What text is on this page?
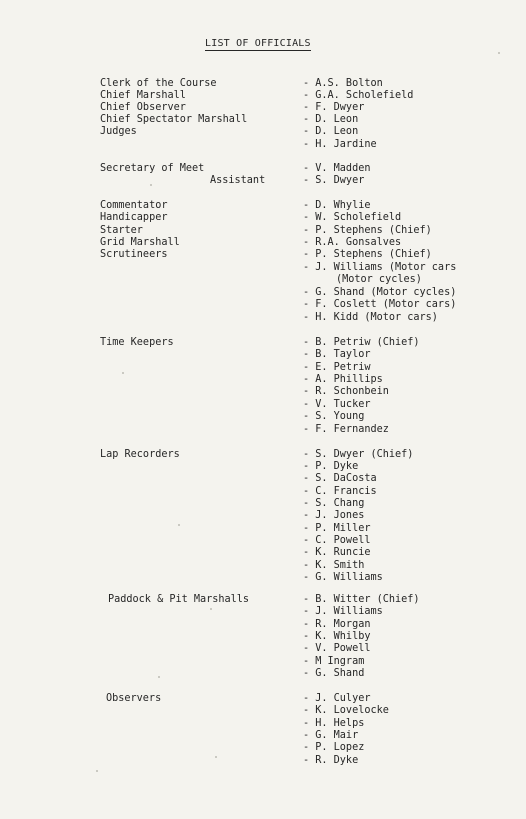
LIST OF OFFICIALS
Clerk of the Course	- A.S. Bolton
Chief Marshall	- G.A. Scholefield
Chief Observer	- F. Dwyer
Chief Spectator Marshall	- D. Leon
Judges	- D. Leon
- H. Jardine
Secretary of Meet	- V. Madden
Assistant	- S. Dwyer
Commentator	- D. Whylie
Handicapper	- W. Scholefield
Starter	- P. Stephens (Chief)
Grid Marshall	- R.A. Gonsalves
Scrutineers	- P. Stephens (Chief)
- J. Williams (Motor cars
(Motor cycles)
- G. Shand (Motor cycles)
- F. Coslett (Motor cars)
- H. Kidd (Motor cars)
Time Keepers	- B. Petriw (Chief)
- B. Taylor
- E. Petriw
- A. Phillips
- R. Schonbein
- V. Tucker
- S. Young
- F. Fernandez
Lap Recorders	- S. Dwyer (Chief)
- P. Dyke
- S. DaCosta
- C. Francis
- S. Chang
- J. Jones
- P. Miller
- C. Powell
- K. Runcie
- K. Smith
- G. Williams
Paddock & Pit Marshalls	- B. Witter (Chief)
- J. Williams
- R. Morgan
- K. Whilby
- V. Powell
- M Ingram
- G. Shand
Observers	- J. Culyer
- K. Lovelocke
- H. Helps
- G. Mair
- P. Lopez
- R. Dyke
